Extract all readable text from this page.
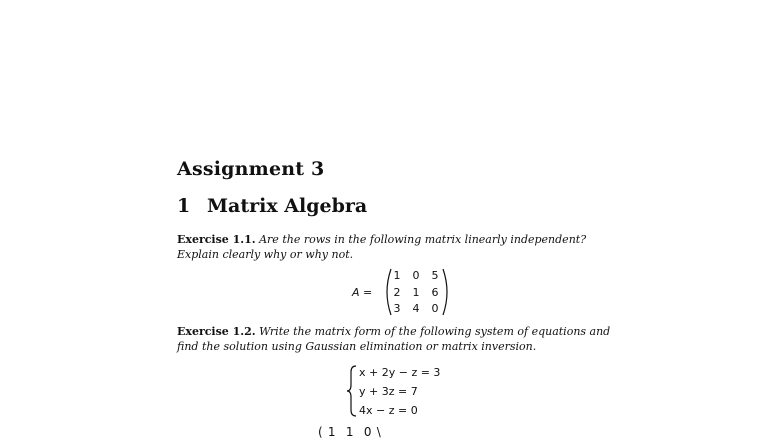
Assignment 3
1 Matrix Algebra
Exercise 1.1. Are the rows in the following matrix linearly independent? Explain clearly why or why not.
A =
1	0	5
2	1	6
3	4	0
Exercise 1.2. Write the matrix form of the following system of equations and find the solution using Gaussian elimination or matrix inversion.
x + 2y − z = 3
y + 3z = 7
4x − z = 0
( 1 1 0 \
